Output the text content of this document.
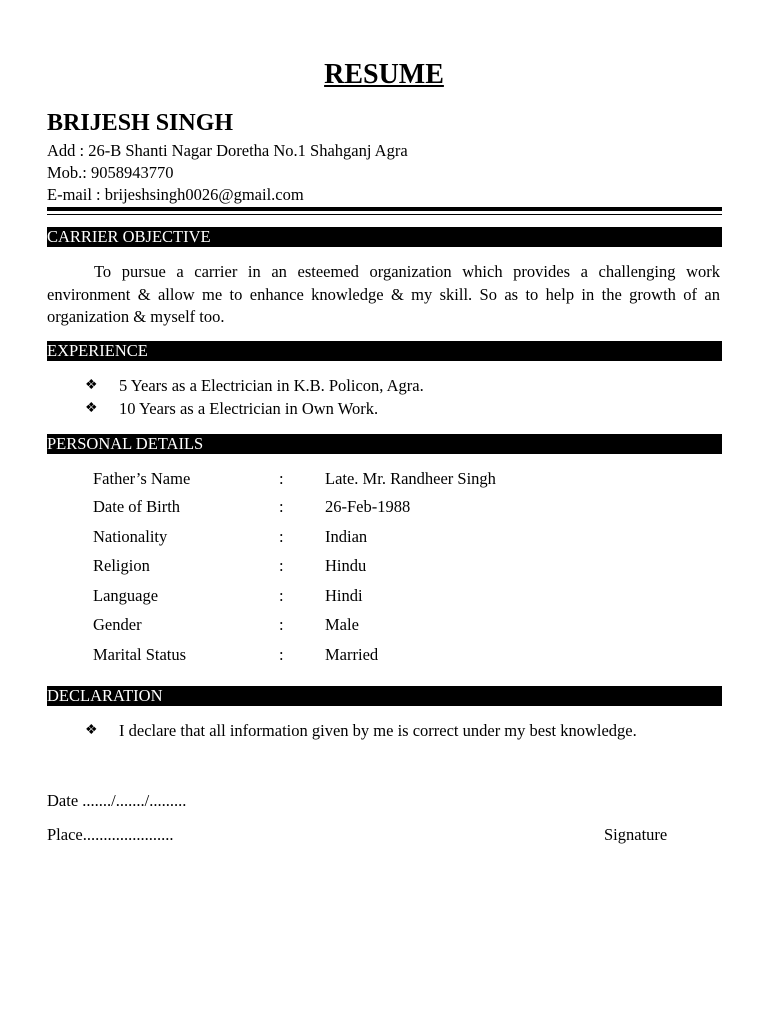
RESUME
BRIJESH SINGH
Add : 26-B Shanti Nagar Doretha No.1 Shahganj Agra
Mob.: 9058943770
E-mail : brijeshsingh0026@gmail.com
CARRIER OBJECTIVE
To pursue a carrier in an esteemed organization which provides a challenging work environment & allow me to enhance knowledge & my skill. So as to help in the growth of an organization & myself too.
EXPERIENCE
❖ 5 Years as a Electrician in K.B. Policon, Agra.
❖ 10 Years as a Electrician in Own Work.
PERSONAL DETAILS
Father’s Name	:	Late. Mr. Randheer Singh
Date of Birth	:	26-Feb-1988
Nationality	:	Indian
Religion	:	Hindu
Language	:	Hindi
Gender	:	Male
Marital Status	:	Married
DECLARATION
❖ I declare that all information given by me is correct under my best knowledge.
Date ......./......./.........
Place......................	Signature
